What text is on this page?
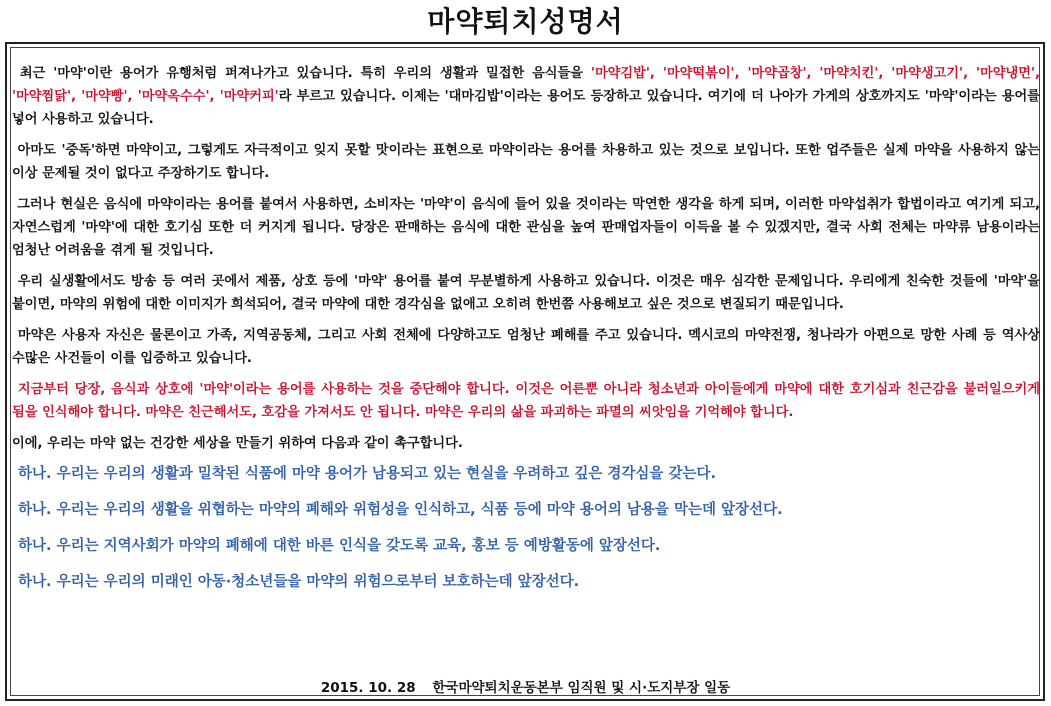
마약퇴치성명서

최근 '마약'이란 용어가 유행처럼 퍼져나가고 있습니다. 특히 우리의 생활과 밀접한 음식들을 '마약김밥', '마약떡볶이', '마약곱창', '마약치킨', '마약생고기', '마약냉면', '마약찜닭', '마약빵', '마약옥수수', '마약커피'라 부르고 있습니다. 이제는 '대마김밥'이라는 용어도 등장하고 있습니다. 여기에 더 나아가 가게의 상호까지도 '마약'이라는 용어를 넣어 사용하고 있습니다.

아마도 '중독'하면 마약이고, 그렇게도 자극적이고 잊지 못할 맛이라는 표현으로 마약이라는 용어를 차용하고 있는 것으로 보입니다. 또한 업주들은 실제 마약을 사용하지 않는 이상 문제될 것이 없다고 주장하기도 합니다.

그러나 현실은 음식에 마약이라는 용어를 붙여서 사용하면, 소비자는 '마약'이 음식에 들어 있을 것이라는 막연한 생각을 하게 되며, 이러한 마약섭취가 합법이라고 여기게 되고, 자연스럽게 '마약'에 대한 호기심 또한 더 커지게 됩니다. 당장은 판매하는 음식에 대한 관심을 높여 판매업자들이 이득을 볼 수 있겠지만, 결국 사회 전체는 마약류 남용이라는 엄청난 어려움을 겪게 될 것입니다.

우리 실생활에서도 방송 등 여러 곳에서 제품, 상호 등에 '마약' 용어를 붙여 무분별하게 사용하고 있습니다. 이것은 매우 심각한 문제입니다. 우리에게 친숙한 것들에 '마약'을 붙이면, 마약의 위험에 대한 이미지가 희석되어, 결국 마약에 대한 경각심을 없애고 오히려 한번쯤 사용해보고 싶은 것으로 변질되기 때문입니다.

마약은 사용자 자신은 물론이고 가족, 지역공동체, 그리고 사회 전체에 다양하고도 엄청난 폐해를 주고 있습니다. 멕시코의 마약전쟁, 청나라가 아편으로 망한 사례 등 역사상 수많은 사건들이 이를 입증하고 있습니다.

지금부터 당장, 음식과 상호에 '마약'이라는 용어를 사용하는 것을 중단해야 합니다. 이것은 어른뿐 아니라 청소년과 아이들에게 마약에 대한 호기심과 친근감을 불러일으키게 됨을 인식해야 합니다. 마약은 친근해서도, 호감을 가져서도 안 됩니다. 마약은 우리의 삶을 파괴하는 파멸의 씨앗임을 기억해야 합니다.

이에, 우리는 마약 없는 건강한 세상을 만들기 위하여 다음과 같이 촉구합니다.

하나. 우리는 우리의 생활과 밀착된 식품에 마약 용어가 남용되고 있는 현실을 우려하고 깊은 경각심을 갖는다.
하나. 우리는 우리의 생활을 위협하는 마약의 폐해와 위험성을 인식하고, 식품 등에 마약 용어의 남용을 막는데 앞장선다.
하나. 우리는 지역사회가 마약의 폐해에 대한 바른 인식을 갖도록 교육, 홍보 등 예방활동에 앞장선다.
하나. 우리는 우리의 미래인 아동·청소년들을 마약의 위험으로부터 보호하는데 앞장선다.
2015. 10. 28 한국마약퇴치운동본부 임직원 및 시·도지부장 일동
